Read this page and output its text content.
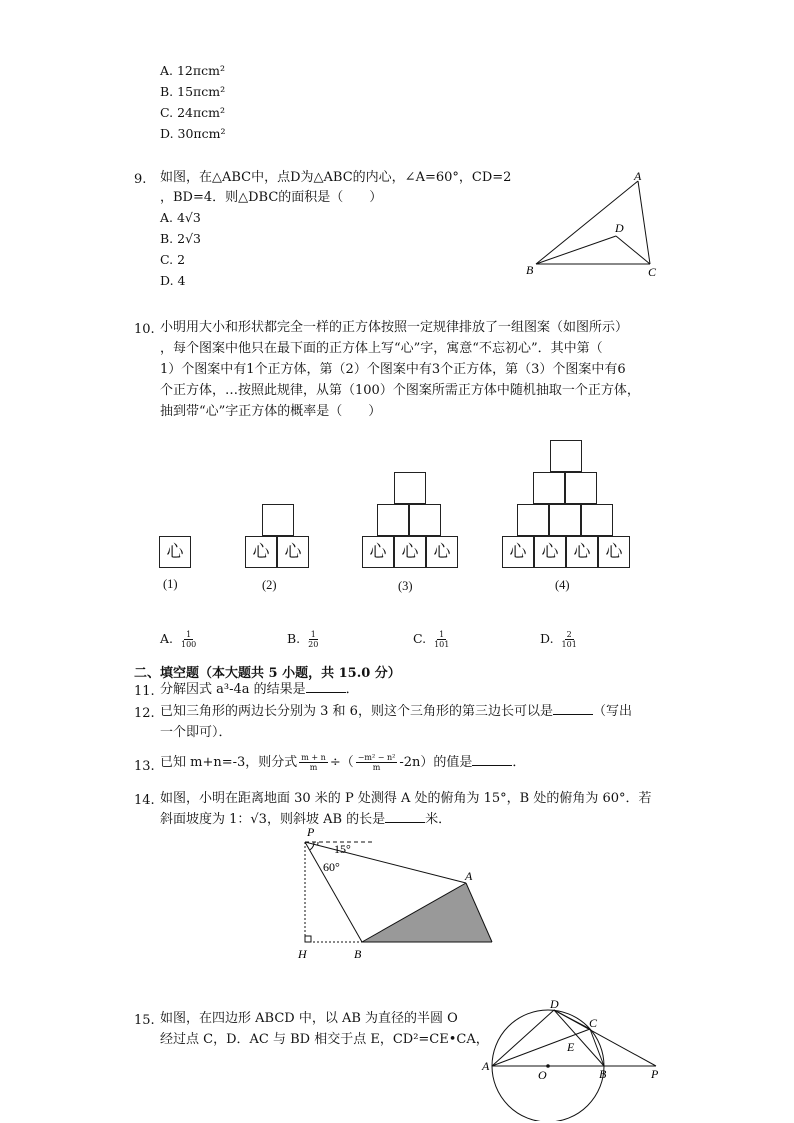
A. 12πcm²
B. 15πcm²
C. 24πcm²
D. 30πcm²
9. 如图，在△ABC中，点D为△ABC的内心，∠A=60°，CD=2
，BD=4．则△DBC的面积是（　　）
A. 4√3
B. 2√3
C. 2
D. 4
A
D
B	C
10. 小明用大小和形状都完全一样的正方体按照一定规律排放了一组图案（如图所示）
，每个图案中他只在最下面的正方体上写“心”字，寓意“不忘初心”．其中第（
1）个图案中有1个正方体，第（2）个图案中有3个正方体，第（3）个图案中有6
个正方体，…按照此规律，从第（100）个图案所需正方体中随机抽取一个正方体，
抽到带“心”字正方体的概率是（　　）
心	心 心	心 心 心	心 心 心 心
(1)	(2)	(3)	(4)
A. $\frac{1}{100}$	B. $\frac{1}{20}$	C. $\frac{1}{101}$	D. $\frac{2}{101}$
二、填空题（本大题共 5 小题，共 15.0 分）
11. 分解因式 a³-4a 的结果是	．
12. 已知三角形的两边长分别为 3 和 6，则这个三角形的第三边长可以是	（写出
一个即可）．
13. 已知 m+n=-3，则分式 $\frac{m + n}{m}$ ÷（ $\frac{\text{−m² − n²}}{m} -2n$）的值是	．
14. 如图，小明在距离地面 30 米的 P 处测得 A 处的俯角为 15°，B 处的俯角为 60°．若
斜面坡度为 1：√3，则斜坡 AB 的长是	米．
P
15°
60°
A
H	B
15. 如图，在四边形 ABCD 中，以 AB 为直径的半圆 O
经过点 C，D．AC 与 BD 相交于点 E，CD²=CE•CA，
D
C
E
A
O	B	P
